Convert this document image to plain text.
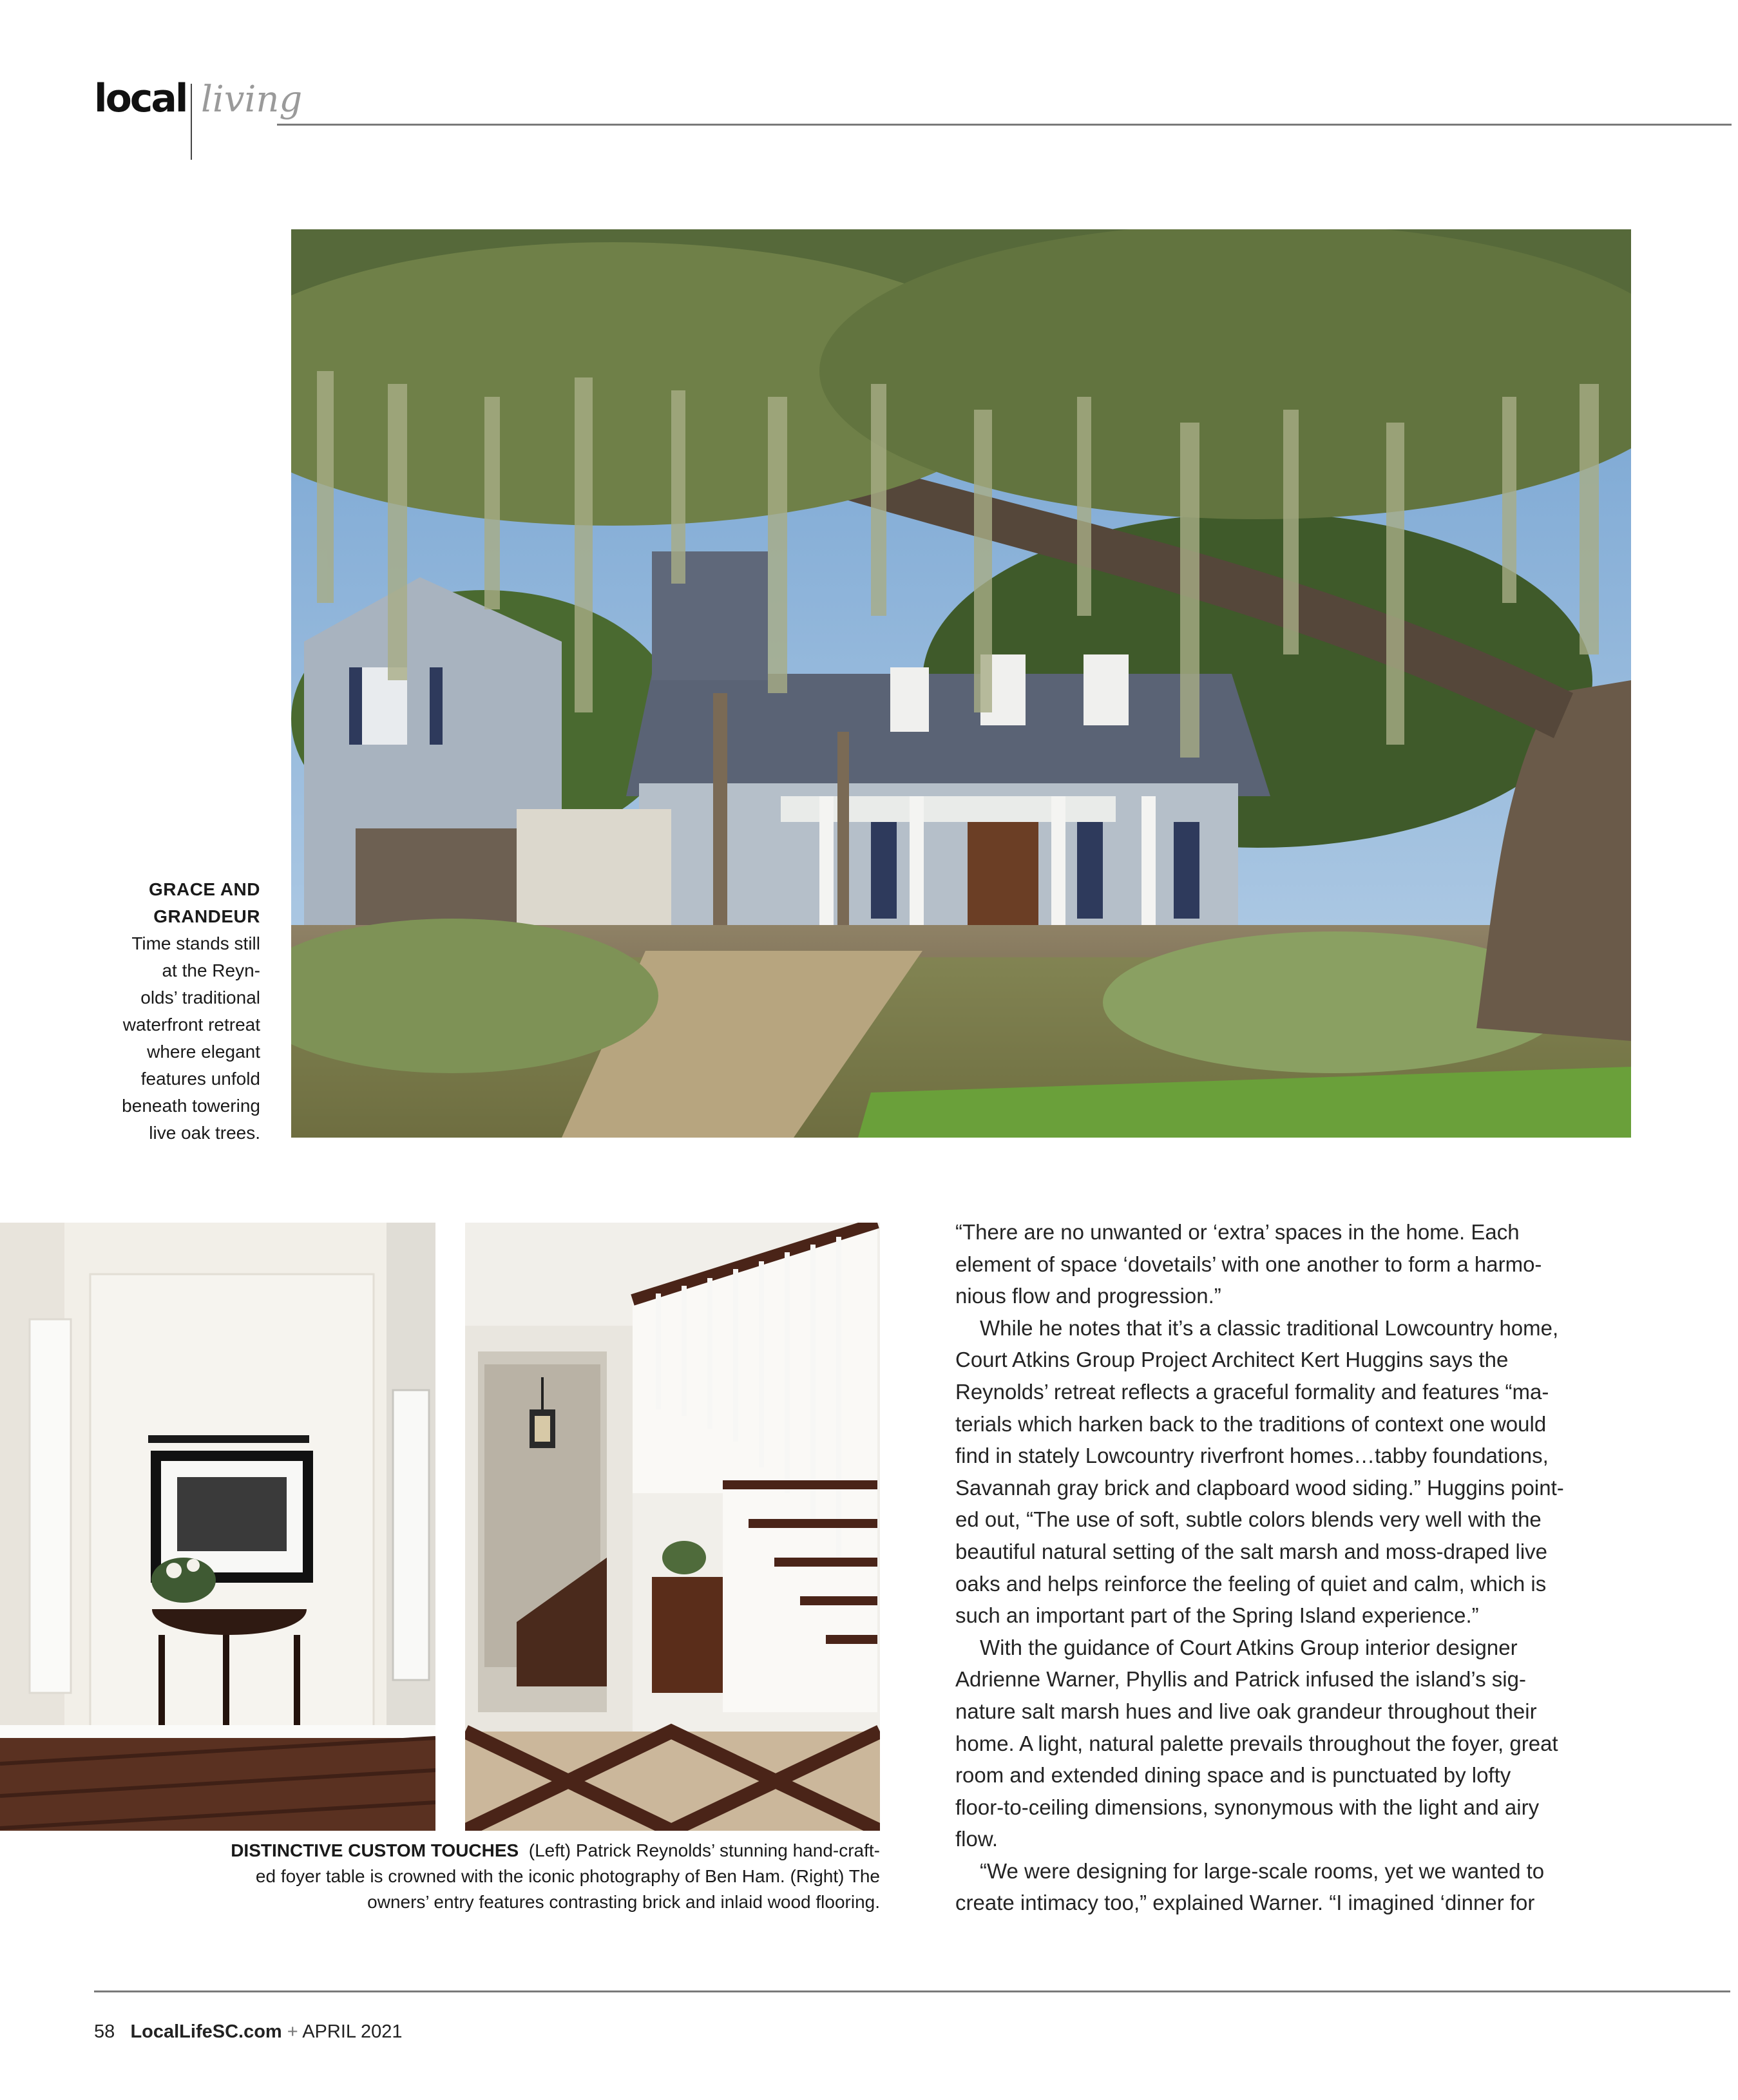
local living
GRACE AND
GRANDEUR
Time stands still
at the Reyn-
olds’ traditional
waterfront retreat
where elegant
features unfold
beneath towering
live oak trees.
DISTINCTIVE CUSTOM TOUCHES (Left) Patrick Reynolds’ stunning hand-craft-
ed foyer table is crowned with the iconic photography of Ben Ham. (Right) The
owners’ entry features contrasting brick and inlaid wood flooring.

“There are no unwanted or ‘extra’ spaces in the home. Each

element of space ‘dovetails’ with one another to form a harmo-

nious flow and progression.”

While he notes that it’s a classic traditional Lowcountry home,

Court Atkins Group Project Architect Kert Huggins says the

Reynolds’ retreat reflects a graceful formality and features “ma-

terials which harken back to the traditions of context one would

find in stately Lowcountry riverfront homes…tabby foundations,

Savannah gray brick and clapboard wood siding.” Huggins point-

ed out, “The use of soft, subtle colors blends very well with the

beautiful natural setting of the salt marsh and moss-draped live

oaks and helps reinforce the feeling of quiet and calm, which is

such an important part of the Spring Island experience.”

With the guidance of Court Atkins Group interior designer

Adrienne Warner, Phyllis and Patrick infused the island’s sig-

nature salt marsh hues and live oak grandeur throughout their

home. A light, natural palette prevails throughout the foyer, great

room and extended dining space and is punctuated by lofty

floor-to-ceiling dimensions, synonymous with the light and airy

flow.

“We were designing for large-scale rooms, yet we wanted to

create intimacy too,” explained Warner. “I imagined ‘dinner for

58 LocalLifeSC.com + APRIL 2021
